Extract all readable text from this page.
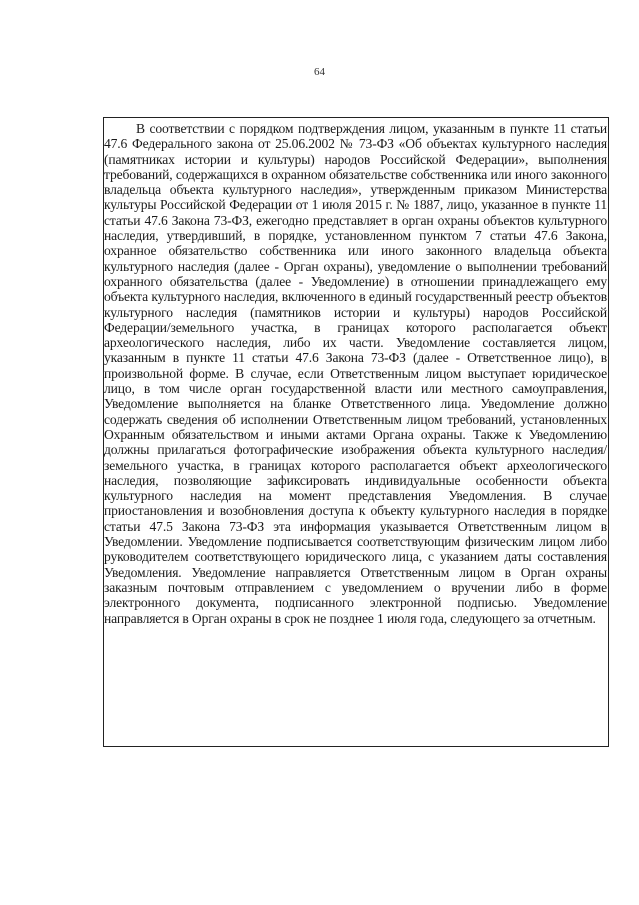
64

В соответствии с порядком подтверждения лицом, указанным в пункте 11 статьи 47.6 Федерального закона от 25.06.2002 № 73-ФЗ «Об объектах культурного наследия (памятниках истории и культуры) народов Российской Федерации», выполнения требований, содержащихся в охранном обязательстве собственника или иного законного владельца объекта культурного наследия», утвержденным приказом Министерства культуры Российской Федерации от 1 июля 2015 г. № 1887, лицо, указанное в пункте 11 статьи 47.6 Закона 73-ФЗ, ежегодно представляет в орган охраны объектов культурного наследия, утвердивший, в порядке, установленном пунктом 7 статьи 47.6 Закона, охранное обязательство собственника или иного законного владельца объекта культурного наследия (далее - Орган охраны), уведомление о выполнении требований охранного обязательства (далее - Уведомление) в отношении принадлежащего ему объекта культурного наследия, включенного в единый государственный реестр объектов культурного наследия (памятников истории и культуры) народов Российской Федерации/земельного участка, в границах которого располагается объект археологического наследия, либо их части. Уведомление составляется лицом, указанным в пункте 11 статьи 47.6 Закона 73-ФЗ (далее - Ответственное лицо), в произвольной форме. В случае, если Ответственным лицом выступает юридическое лицо, в том числе орган государственной власти или местного самоуправления, Уведомление выполняется на бланке Ответственного лица. Уведомление должно содержать сведения об исполнении Ответственным лицом требований, установленных Охранным обязательством и иными актами Органа охраны. Также к Уведомлению должны прилагаться фотографические изображения объекта культурного наследия/земельного участка, в границах которого располагается объект археологического наследия, позволяющие зафиксировать индивидуальные особенности объекта культурного наследия на момент представления Уведомления. В случае приостановления и возобновления доступа к объекту культурного наследия в порядке статьи 47.5 Закона 73-ФЗ эта информация указывается Ответственным лицом в Уведомлении. Уведомление подписывается соответствующим физическим лицом либо руководителем соответствующего юридического лица, с указанием даты составления Уведомления. Уведомление направляется Ответственным лицом в Орган охраны заказным почтовым отправлением с уведомлением о вручении либо в форме электронного документа, подписанного электронной подписью. Уведомление направляется в Орган охраны в срок не позднее 1 июля года, следующего за отчетным.
